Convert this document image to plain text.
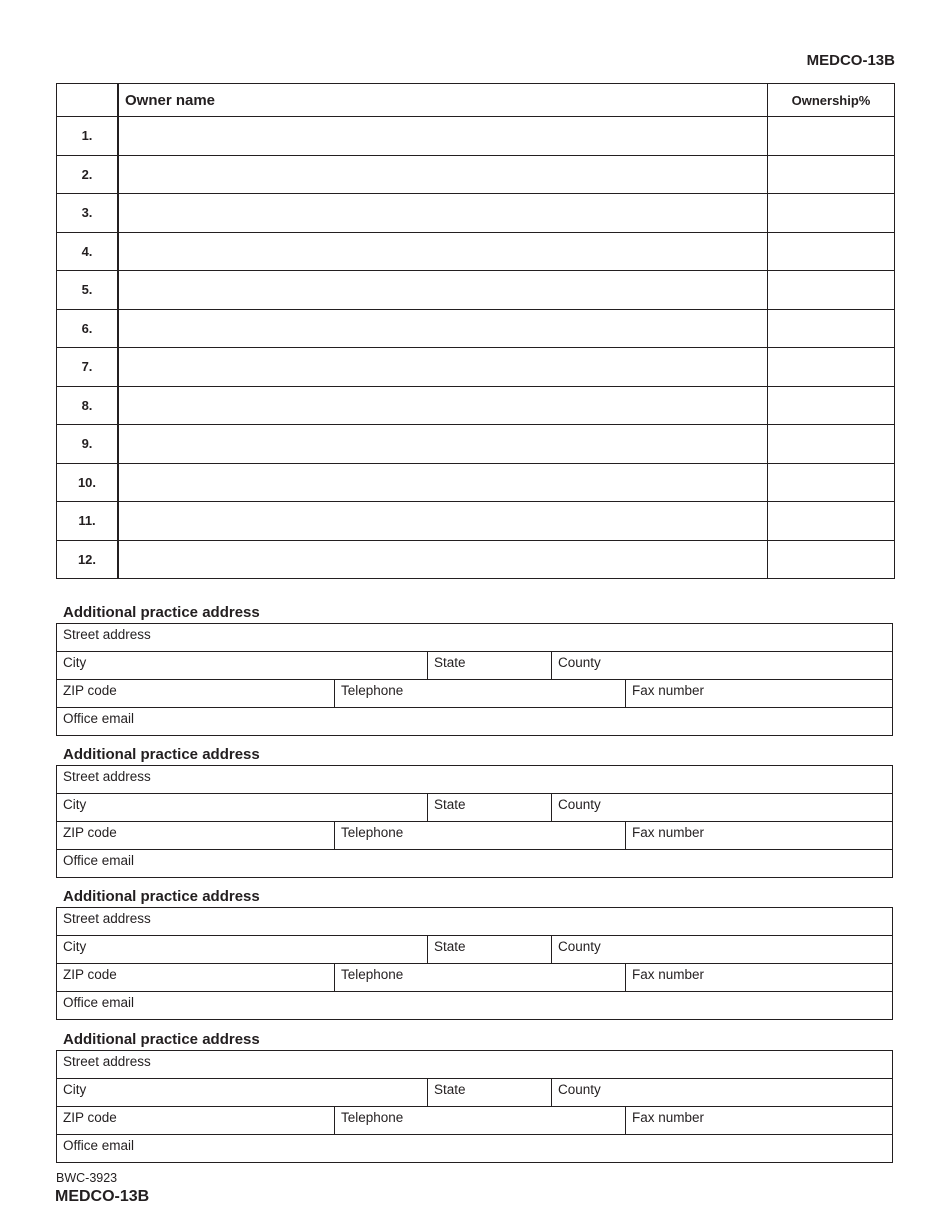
MEDCO-13B
	Owner name	Ownership%
1.		
2.		
3.		
4.		
5.		
6.		
7.		
8.		
9.		
10.		
11.		
12.		
Additional practice address
Street address
City	State	County
ZIP code	Telephone	Fax number
Office email
Additional practice address
Street address
City	State	County
ZIP code	Telephone	Fax number
Office email
Additional practice address
Street address
City	State	County
ZIP code	Telephone	Fax number
Office email
Additional practice address
Street address
City	State	County
ZIP code	Telephone	Fax number
Office email
BWC-3923
MEDCO-13B
